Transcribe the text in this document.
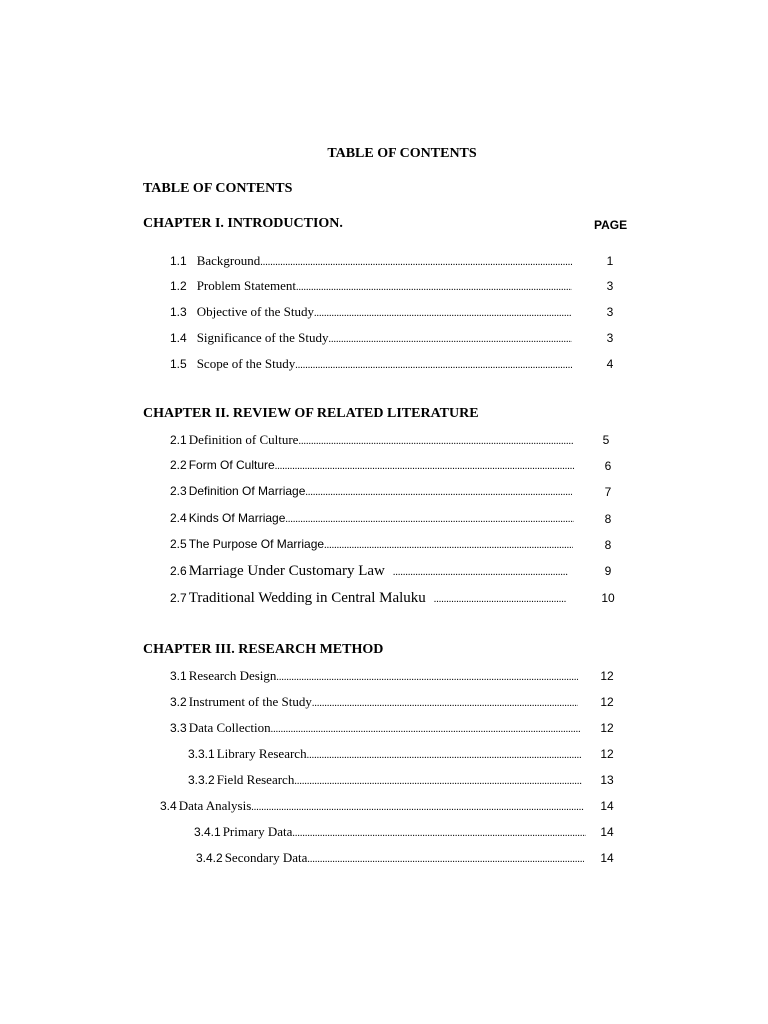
TABLE OF CONTENTS
TABLE OF CONTENTS
CHAPTER I. INTRODUCTION.	PAGE
1.1 Background .....	1
1.2 Problem Statement .....	3
1.3 Objective of the Study .....	3
1.4 Significance of the Study .....	3
1.5 Scope of the Study .....	4
CHAPTER II. REVIEW OF RELATED LITERATURE
2.1 Definition of Culture .....	5
2.2 Form Of Culture .....	6
2.3 Definition Of Marriage .....	7
2.4 Kinds Of Marriage .....	8
2.5 The Purpose Of Marriage .....	8
2.6 Marriage Under Customary Law .....	9
2.7 Traditional Wedding in Central Maluku .....	10
CHAPTER III. RESEARCH METHOD
3.1 Research Design .....	12
3.2 Instrument of the Study .....	12
3.3 Data Collection .....	12
3.3.1 Library Research .....	12
3.3.2 Field Research .....	13
3.4 Data Analysis .....	14
3.4.1 Primary Data .....	14
3.4.2 Secondary Data .....	14
